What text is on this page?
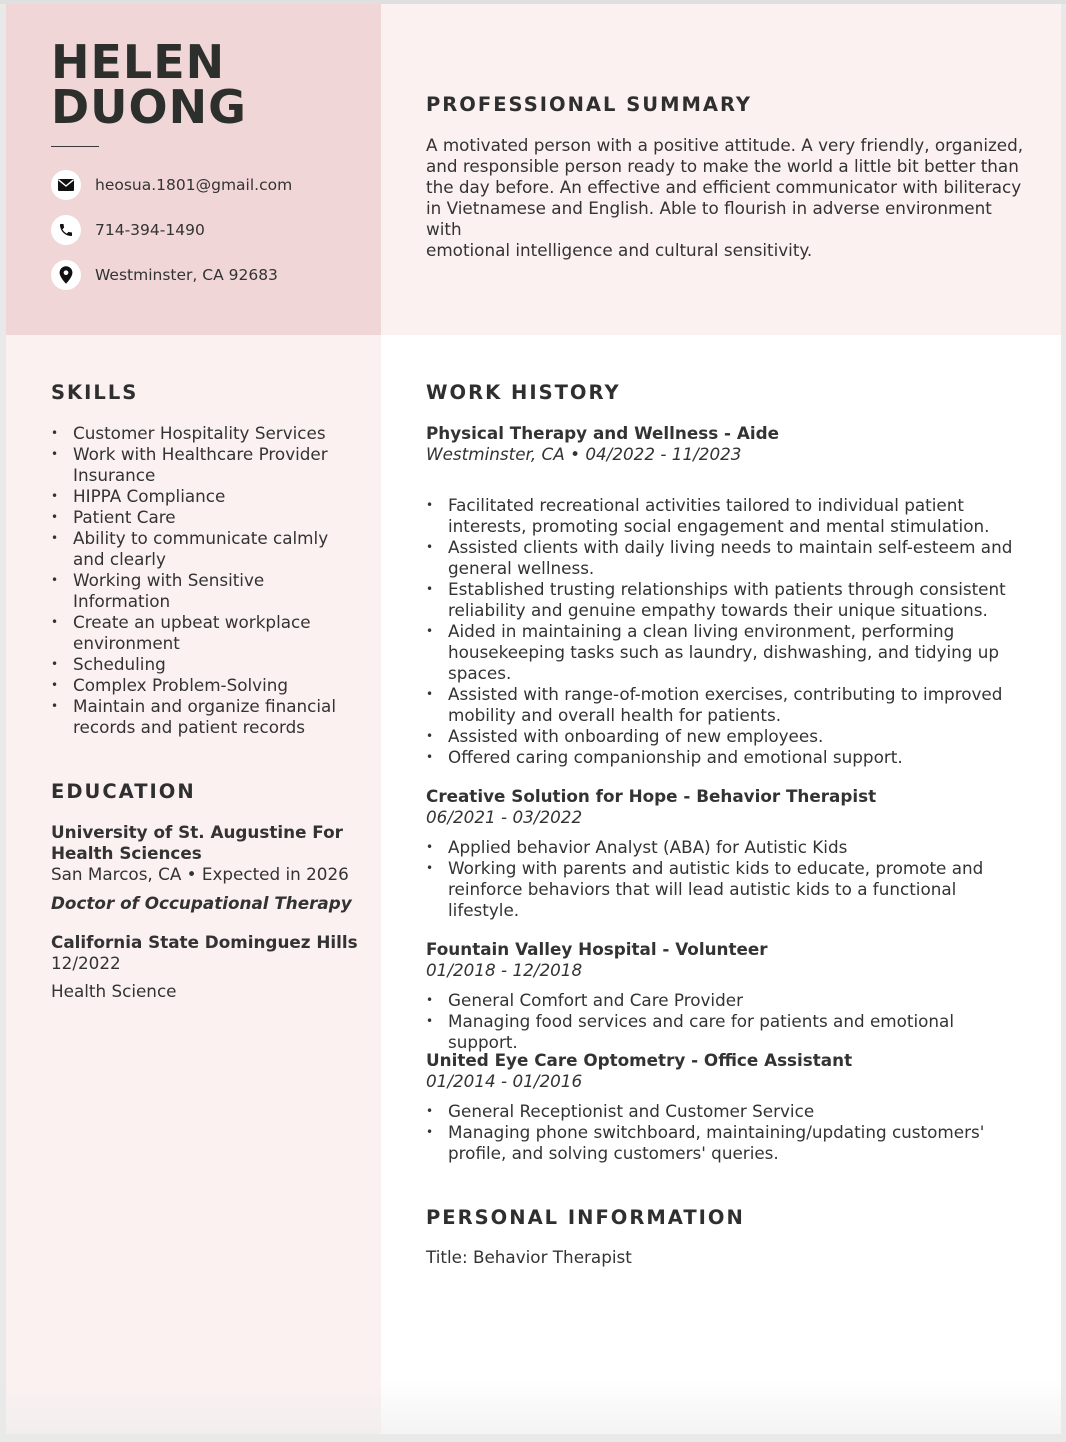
HELEN
DUONG
heosua.1801@gmail.com
714-394-1490
Westminster, CA 92683
PROFESSIONAL SUMMARY
A motivated person with a positive attitude. A very friendly, organized,
and responsible person ready to make the world a little bit better than
the day before. An effective and efficient communicator with biliteracy
in Vietnamese and English. Able to flourish in adverse environment with
emotional intelligence and cultural sensitivity.
SKILLS
• Customer Hospitality Services
• Work with Healthcare Provider Insurance
• HIPPA Compliance
• Patient Care
• Ability to communicate calmly and clearly
• Working with Sensitive Information
• Create an upbeat workplace environment
• Scheduling
• Complex Problem-Solving
• Maintain and organize financial records and patient records
EDUCATION
University of St. Augustine For Health Sciences
San Marcos, CA • Expected in 2026
Doctor of Occupational Therapy
California State Dominguez Hills
12/2022
Health Science
WORK HISTORY
Physical Therapy and Wellness - Aide
Westminster, CA • 04/2022 - 11/2023
• Facilitated recreational activities tailored to individual patient interests, promoting social engagement and mental stimulation.
• Assisted clients with daily living needs to maintain self-esteem and general wellness.
• Established trusting relationships with patients through consistent reliability and genuine empathy towards their unique situations.
• Aided in maintaining a clean living environment, performing housekeeping tasks such as laundry, dishwashing, and tidying up spaces.
• Assisted with range-of-motion exercises, contributing to improved mobility and overall health for patients.
• Assisted with onboarding of new employees.
• Offered caring companionship and emotional support.
Creative Solution for Hope - Behavior Therapist
06/2021 - 03/2022
• Applied behavior Analyst (ABA) for Autistic Kids
• Working with parents and autistic kids to educate, promote and reinforce behaviors that will lead autistic kids to a functional lifestyle.
Fountain Valley Hospital - Volunteer
01/2018 - 12/2018
• General Comfort and Care Provider
• Managing food services and care for patients and emotional support.
United Eye Care Optometry - Office Assistant
01/2014 - 01/2016
• General Receptionist and Customer Service
• Managing phone switchboard, maintaining/updating customers' profile, and solving customers' queries.
PERSONAL INFORMATION
Title: Behavior Therapist
